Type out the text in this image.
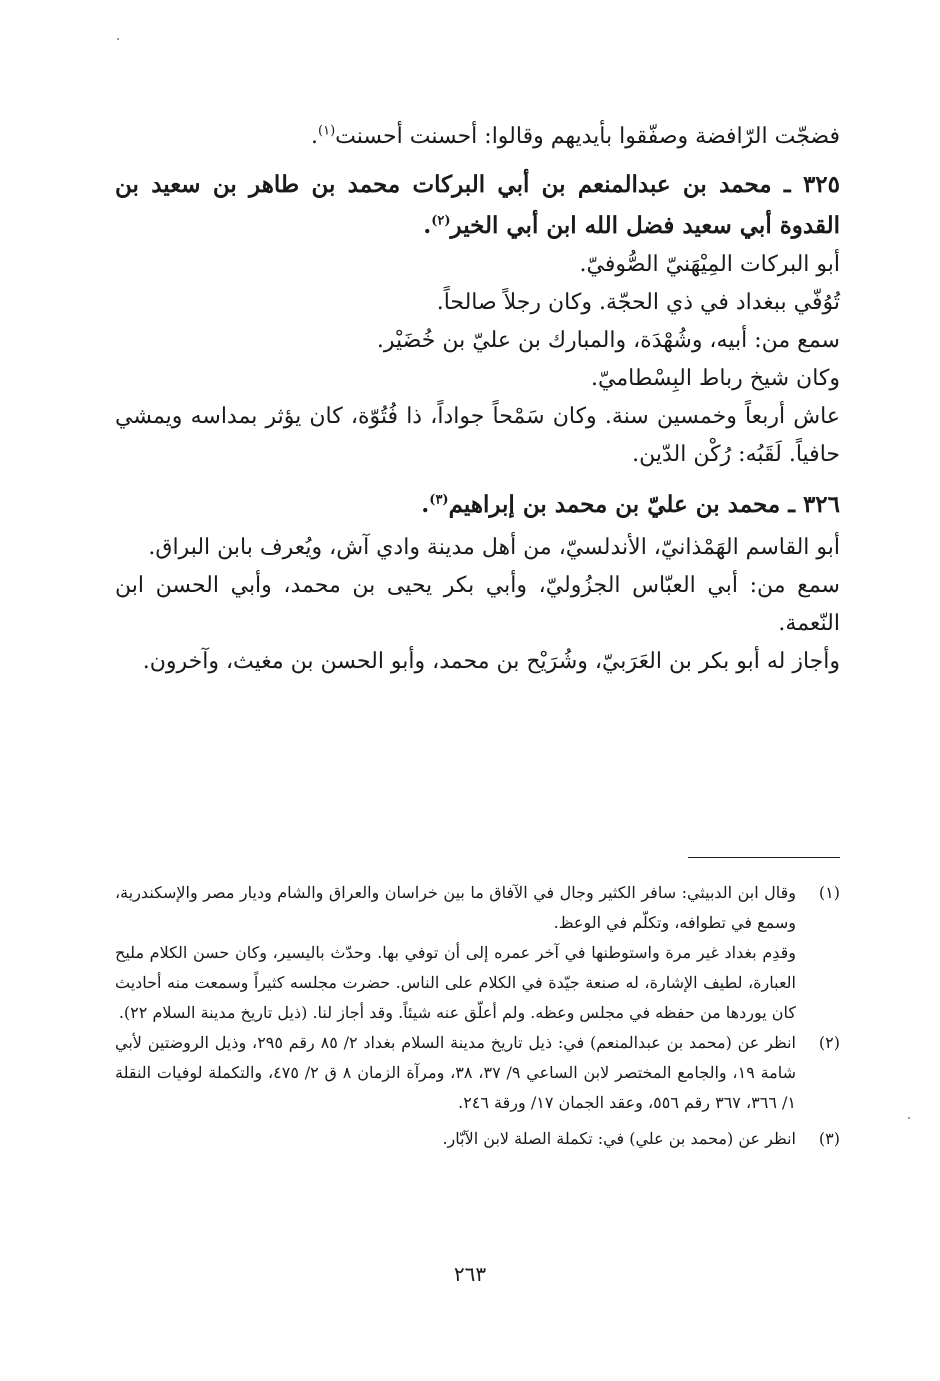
فضجّت الرّافضة وصفّقوا بأيديهم وقالوا: أحسنت أحسنت$^{(١)}$.

٣٢٥ ـ محمد بن عبدالمنعم بن أبي البركات محمد بن طاهر بن سعيد بن القدوة أبي سعيد فضل الله ابن أبي الخير$^{(٢)}$.

أبو البركات المِيْهَنيّ الصُّوفيّ.

تُوُفّي ببغداد في ذي الحجّة. وكان رجلاً صالحاً.

سمع من: أبيه، وشُهْدَة، والمبارك بن عليّ بن خُضَيْر.

وكان شيخ رباط البِسْطاميّ.

عاش أربعاً وخمسين سنة. وكان سَمْحاً جواداً، ذا فُتُوّة، كان يؤثر بمداسه ويمشي حافياً. لَقَبُه: رُكْن الدّين.

٣٢٦ ـ محمد بن عليّ بن محمد بن إبراهيم$^{(٣)}$.

أبو القاسم الهَمْذانيّ، الأندلسيّ، من أهل مدينة وادي آش، ويُعرف بابن البراق.

سمع من: أبي العبّاس الجزُوليّ، وأبي بكر يحيى بن محمد، وأبي الحسن ابن النّعمة.

وأجاز له أبو بكر بن العَرَبيّ، وشُرَيْح بن محمد، وأبو الحسن بن مغيث، وآخرون.

(١)

وقال ابن الدبيثي: سافر الكثير وجال في الآفاق ما بين خراسان والعراق والشام وديار مصر والإسكندرية، وسمع في تطوافه، وتكلّم في الوعظ.

وقدِم بغداد غير مرة واستوطنها في آخر عمره إلى أن توفي بها. وحدّث باليسير، وكان حسن الكلام مليح العبارة، لطيف الإشارة، له صنعة جيّدة في الكلام على الناس. حضرت مجلسه كثيراً وسمعت منه أحاديث كان يوردها من حفظه في مجلس وعظه. ولم أعلّق عنه شيئاً. وقد أجاز لنا. (ذيل تاريخ مدينة السلام ٢٢).

(٢)

انظر عن (محمد بن عبدالمنعم) في: ذيل تاريخ مدينة السلام بغداد ٢/ ٨٥ رقم ٢٩٥، وذيل الروضتين لأبي شامة ١٩، والجامع المختصر لابن الساعي ٩/ ٣٧، ٣٨، ومرآة الزمان ٨ ق ٢/ ٤٧٥، والتكملة لوفيات النقلة ١/ ٣٦٦، ٣٦٧ رقم ٥٥٦، وعقد الجمان ١٧/ ورقة ٢٤٦.

(٣)

انظر عن (محمد بن علي) في: تكملة الصلة لابن الآبّار.

٢٦٣
